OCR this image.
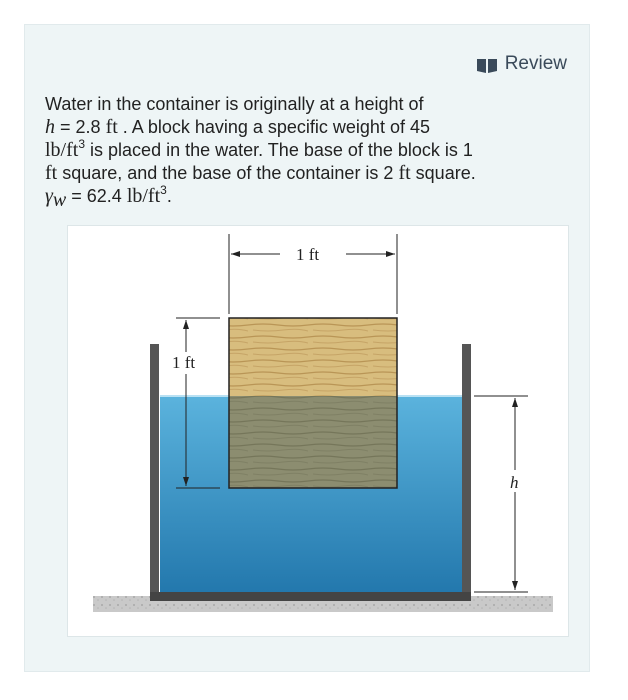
Review
Water in the container is originally at a height of
h = 2.8 ft . A block having a specific weight of 45
$lb/ft^3$ is placed in the water. The base of the block is 1
ft square, and the base of the container is 2 ft square.
$\gamma_w = 62.4$ $lb/ft^3$.
1 ft
1 ft
h
